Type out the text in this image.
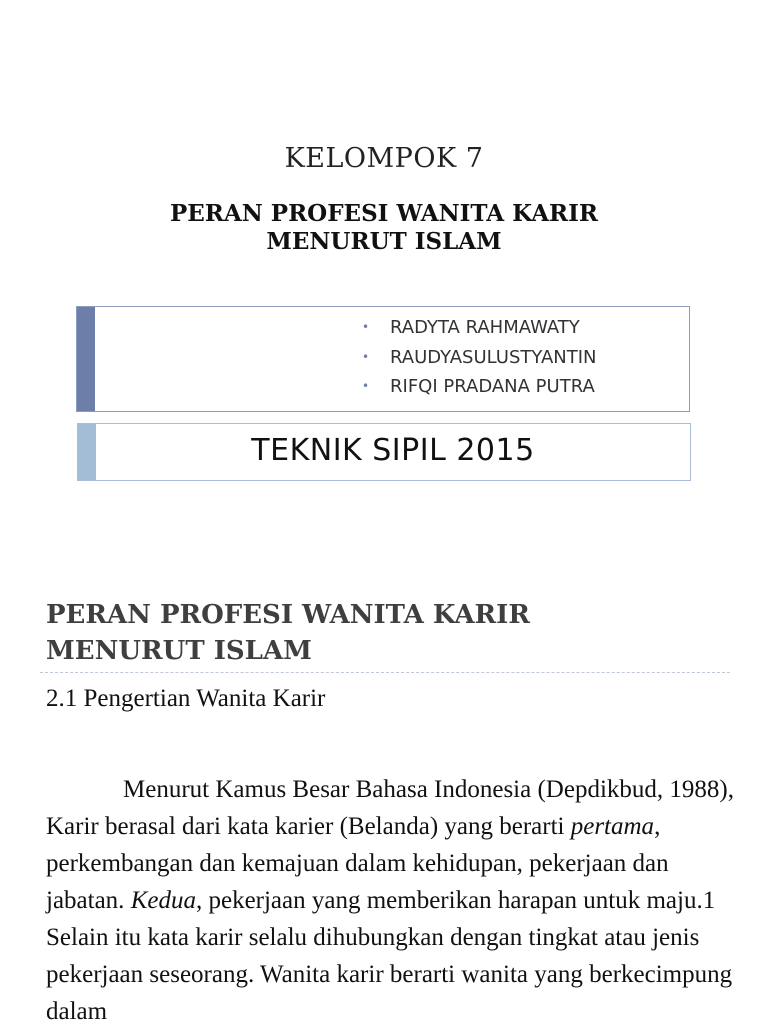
KELOMPOK 7
PERAN PROFESI WANITA KARIR
MENURUT ISLAM
• RADYTA RAHMAWATY
• RAUDYASULUSTYANTIN
• RIFQI PRADANA PUTRA
TEKNIK SIPIL 2015
PERAN PROFESI WANITA KARIR
MENURUT ISLAM
2.1 Pengertian Wanita Karir
Menurut Kamus Besar Bahasa Indonesia (Depdikbud, 1988), Karir berasal dari kata karier (Belanda) yang berarti pertama, perkembangan dan kemajuan dalam kehidupan, pekerjaan dan jabatan. Kedua, pekerjaan yang memberikan harapan untuk maju.1 Selain itu kata karir selalu dihubungkan dengan tingkat atau jenis pekerjaan seseorang. Wanita karir berarti wanita yang berkecimpung dalam
